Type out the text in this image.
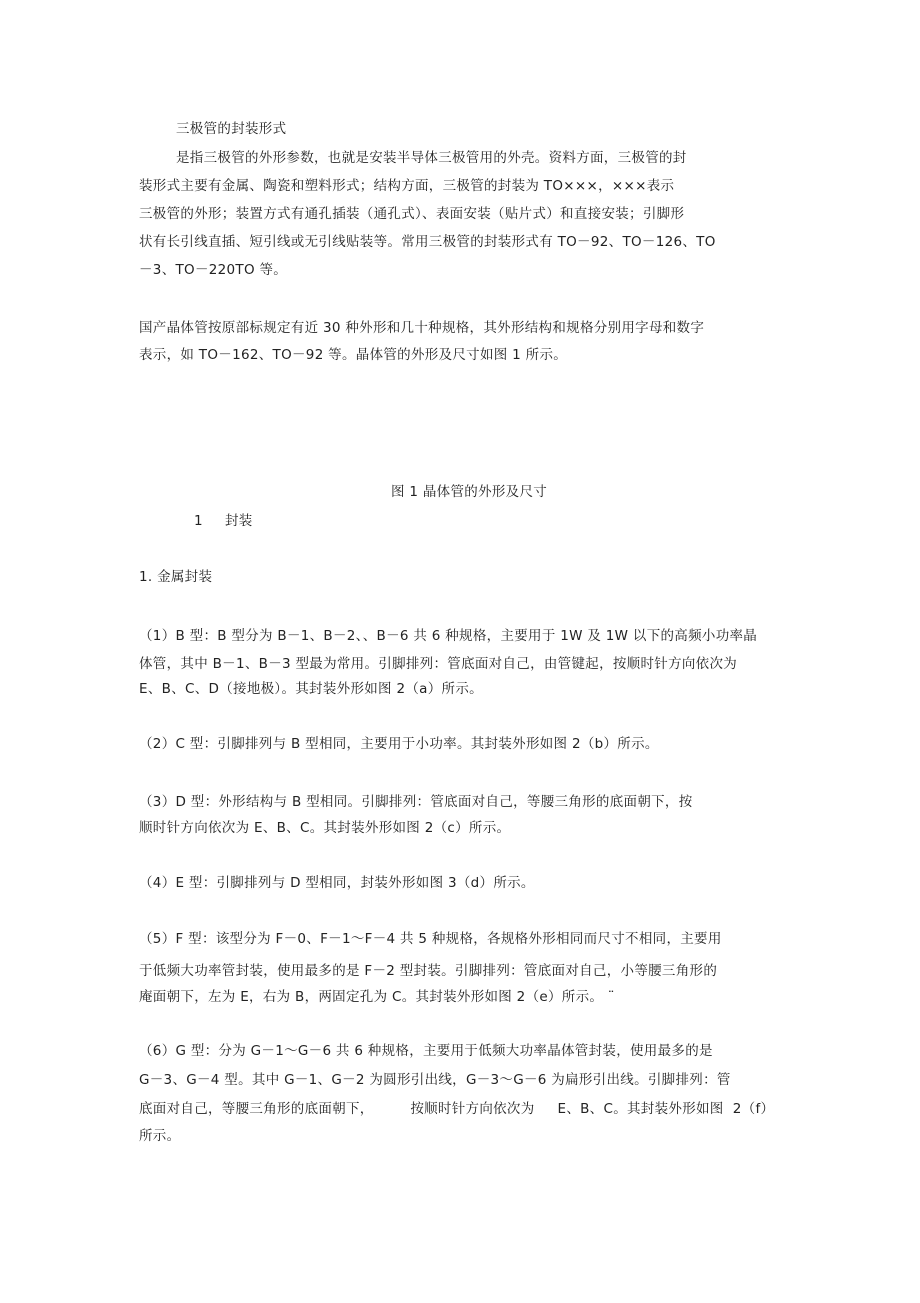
三极管的封装形式

是指三极管的外形参数，也就是安装半导体三极管用的外壳。资料方面，三极管的封

装形式主要有金属、陶瓷和塑料形式；结构方面，三极管的封装为 TO×××，×××表示

三极管的外形；装置方式有通孔插装（通孔式）、表面安装（贴片式）和直接安装；引脚形

状有长引线直插、短引线或无引线贴装等。常用三极管的封装形式有 TO－92、TO－126、TO

－3、TO－220TO 等。

国产晶体管按原部标规定有近 30 种外形和几十种规格，其外形结构和规格分别用字母和数字

表示，如 TO－162、TO－92 等。晶体管的外形及尺寸如图 1 所示。

图 1 晶体管的外形及尺寸

1 封装

1. 金属封装

（1）B 型：B 型分为 B－1、B－2、、B－6 共 6 种规格，主要用于 1W 及 1W 以下的高频小功率晶

体管，其中 B－1、B－3 型最为常用。引脚排列：管底面对自己，由管键起，按顺时针方向依次为

E、B、C、D（接地极）。其封装外形如图 2（a）所示。

（2）C 型：引脚排列与 B 型相同，主要用于小功率。其封装外形如图 2（b）所示。

（3）D 型：外形结构与 B 型相同。引脚排列：管底面对自己，等腰三角形的底面朝下，按

顺时针方向依次为 E、B、C。其封装外形如图 2（c）所示。

（4）E 型：引脚排列与 D 型相同，封装外形如图 3（d）所示。

（5）F 型：该型分为 F－0、F－1～F－4 共 5 种规格，各规格外形相同而尺寸不相同，主要用

于低频大功率管封装，使用最多的是 F－2 型封装。引脚排列：管底面对自己，小等腰三角形的

庵面朝下，左为 E，右为 B，两固定孔为 C。其封装外形如图 2（e）所示。 ¨

（6）G 型：分为 G－1～G－6 共 6 种规格，主要用于低频大功率晶体管封装，使用最多的是

G－3、G－4 型。其中 G－1、G－2 为圆形引出线，G－3～G－6 为扁形引出线。引脚排列：管

底面对自己，等腰三角形的底面朝下，        按顺时针方向依次为     E、B、C。其封装外形如图  2（f）

所示。
